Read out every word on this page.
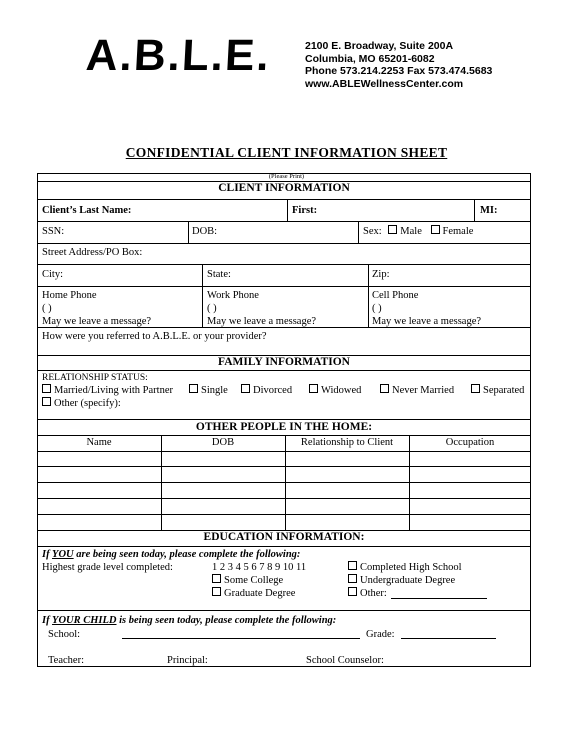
A.B.L.E.	2100 E. Broadway, Suite 200A
Columbia, MO 65201-6082
Phone 573.214.2253 Fax 573.474.5683
www.ABLEWellnessCenter.com
CONFIDENTIAL CLIENT INFORMATION SHEET
(Please Print)
CLIENT INFORMATION
Client’s Last Name:	First:	MI:
SSN:	DOB:	Sex: Male Female
Street Address/PO Box:
City:	State:	Zip:
Home Phone
( )
May we leave a message?
Work Phone
( )
May we leave a message?
Cell Phone
( )
May we leave a message?
How were you referred to A.B.L.E. or your provider?
FAMILY INFORMATION
RELATIONSHIP STATUS:
Married/Living with Partner	Single	Divorced	Widowed	Never Married	Separated
Other (specify):
OTHER PEOPLE IN THE HOME:
Name	DOB	Relationship to Client	Occupation
EDUCATION INFORMATION:
If YOU are being seen today, please complete the following:
Highest grade level completed:	1 2 3 4 5 6 7 8 9 10 11
Some College
Graduate Degree
Completed High School
Undergraduate Degree
Other:
If YOUR CHILD is being seen today, please complete the following:
School:	Grade:
Teacher:	Principal:	School Counselor:
